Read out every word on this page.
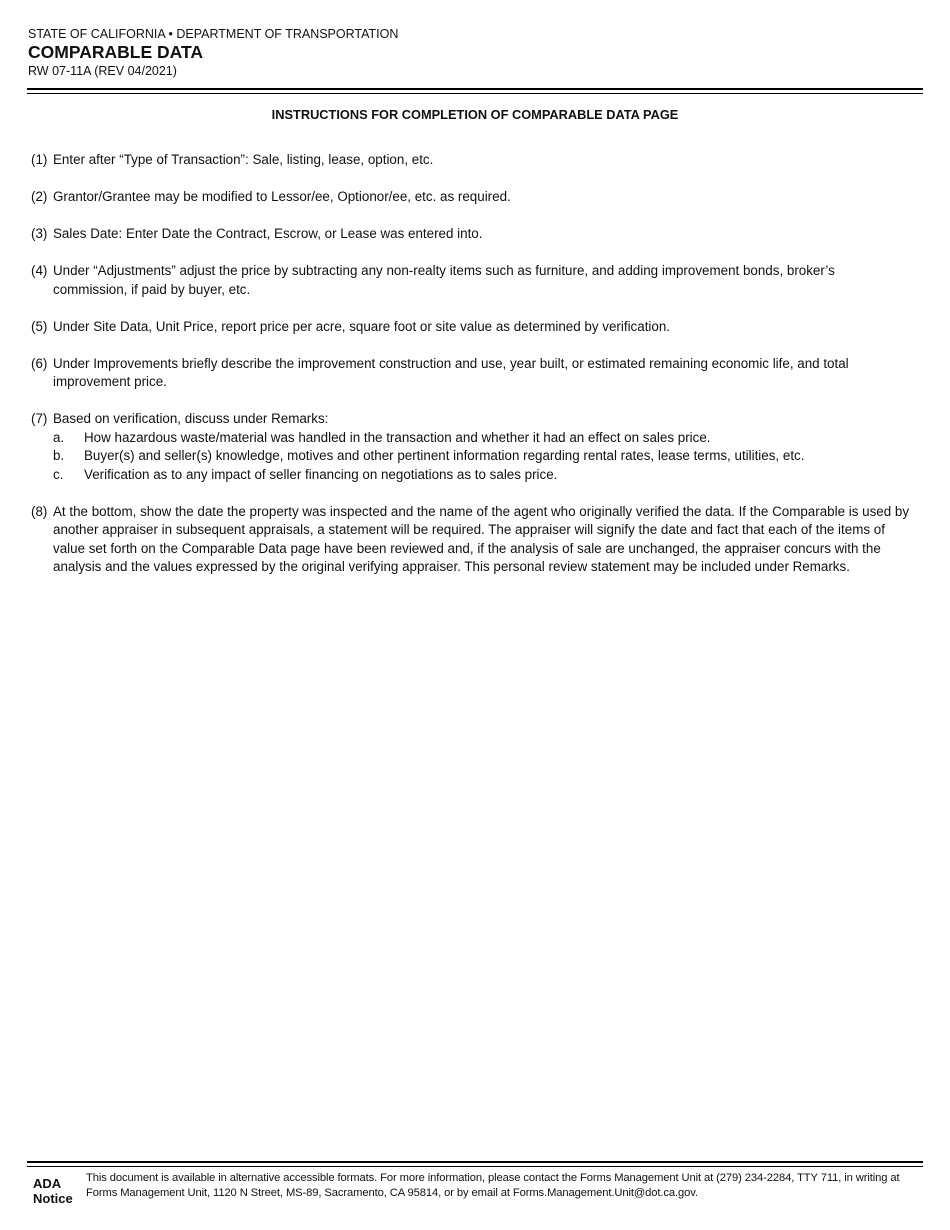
STATE OF CALIFORNIA • DEPARTMENT OF TRANSPORTATION
COMPARABLE DATA
RW 07-11A (REV 04/2021)
INSTRUCTIONS FOR COMPLETION OF COMPARABLE DATA PAGE
(1) Enter after “Type of Transaction”: Sale, listing, lease, option, etc.
(2) Grantor/Grantee may be modified to Lessor/ee, Optionor/ee, etc. as required.
(3) Sales Date: Enter Date the Contract, Escrow, or Lease was entered into.
(4) Under “Adjustments” adjust the price by subtracting any non-realty items such as furniture, and adding improvement bonds, broker’s commission, if paid by buyer, etc.
(5) Under Site Data, Unit Price, report price per acre, square foot or site value as determined by verification.
(6) Under Improvements briefly describe the improvement construction and use, year built, or estimated remaining economic life, and total improvement price.
(7) Based on verification, discuss under Remarks:
a. How hazardous waste/material was handled in the transaction and whether it had an effect on sales price.
b. Buyer(s) and seller(s) knowledge, motives and other pertinent information regarding rental rates, lease terms, utilities, etc.
c. Verification as to any impact of seller financing on negotiations as to sales price.
(8) At the bottom, show the date the property was inspected and the name of the agent who originally verified the data. If the Comparable is used by another appraiser in subsequent appraisals, a statement will be required. The appraiser will signify the date and fact that each of the items of value set forth on the Comparable Data page have been reviewed and, if the analysis of sale are unchanged, the appraiser concurs with the analysis and the values expressed by the original verifying appraiser. This personal review statement may be included under Remarks.
ADA Notice
This document is available in alternative accessible formats. For more information, please contact the Forms Management Unit at (279) 234-2284, TTY 711, in writing at Forms Management Unit, 1120 N Street, MS-89, Sacramento, CA 95814, or by email at Forms.Management.Unit@dot.ca.gov.
